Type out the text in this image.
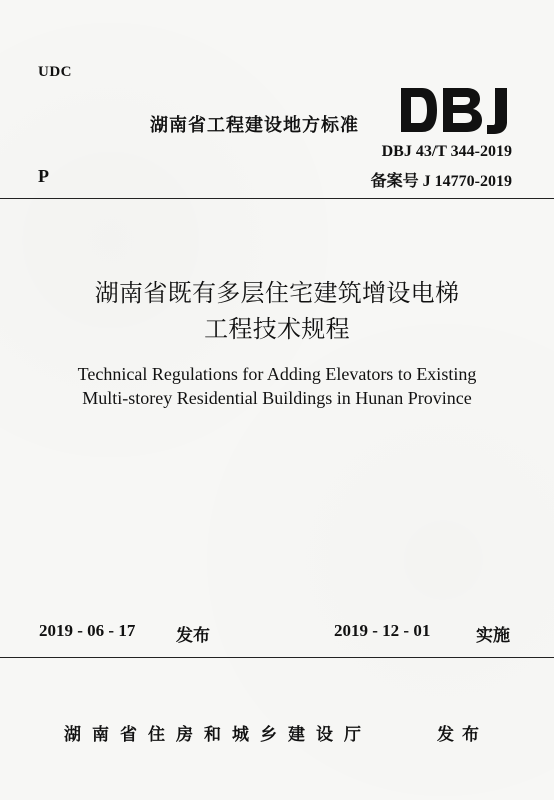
UDC
P
湖南省工程建设地方标准
DBJ 43/T 344-2019
备案号 J 14770-2019
湖南省既有多层住宅建筑增设电梯
工程技术规程
Technical Regulations for Adding Elevators to Existing
Multi-storey Residential Buildings in Hunan Province
2019 - 06 - 17 发布	2019 - 12 - 01	实施
湖南省住房和城乡建设厅	发布
